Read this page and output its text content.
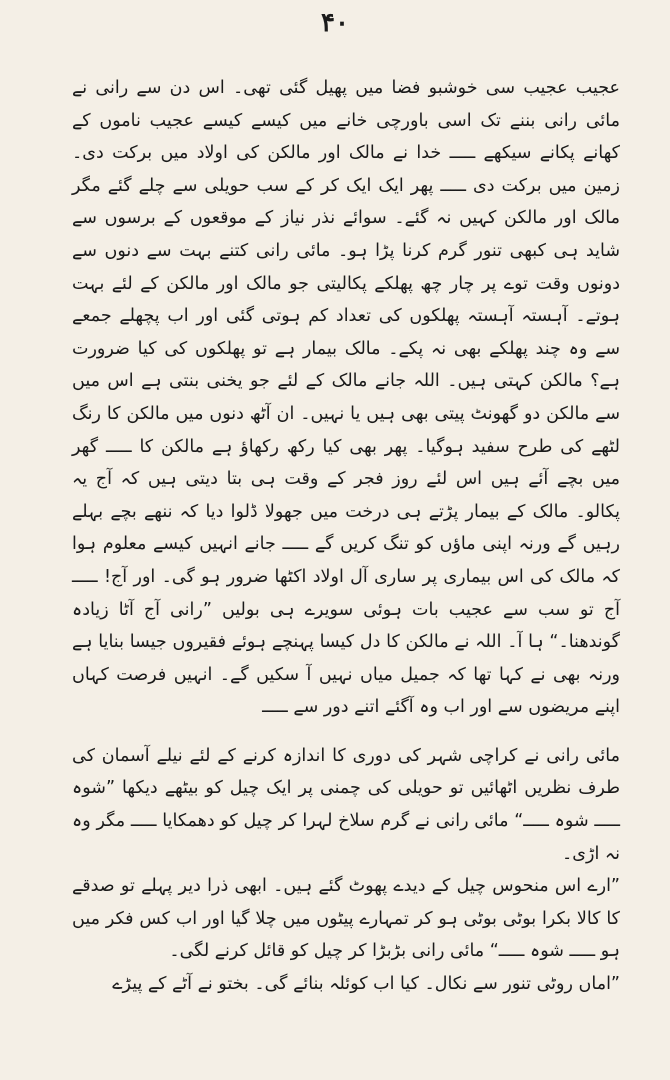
۴۰

عجیب عجیب سی خوشبو فضا میں پھیل گئی تھی۔ اس دن سے رانی نے مائی رانی بننے تک اسی باورچی خانے میں کیسے کیسے عجیب ناموں کے کھانے پکانے سیکھے ـــــ خدا نے مالک اور مالکن کی اولاد میں برکت دی۔ زمین میں برکت دی ـــــ پھر ایک ایک کر کے سب حویلی سے چلے گئے مگر مالک اور مالکن کہیں نہ گئے۔ سوائے نذر نیاز کے موقعوں کے برسوں سے شاید ہی کبھی تنور گرم کرنا پڑا ہو۔ مائی رانی کتنے بہت سے دنوں سے دونوں وقت توے پر چار چھ پھلکے پکالیتی جو مالک اور مالکن کے لئے بہت ہوتے۔ آہستہ آہستہ پھلکوں کی تعداد کم ہوتی گئی اور اب پچھلے جمعے سے وہ چند پھلکے بھی نہ پکے۔ مالک بیمار ہے تو پھلکوں کی کیا ضرورت ہے؟ مالکن کہتی ہیں۔ اللہ جانے مالک کے لئے جو یخنی بنتی ہے اس میں سے مالکن دو گھونٹ پیتی بھی ہیں یا نہیں۔ ان آٹھ دنوں میں مالکن کا رنگ لٹھے کی طرح سفید ہوگیا۔ پھر بھی کیا رکھ رکھاؤ ہے مالکن کا ـــــ گھر میں بچے آئے ہیں اس لئے روز فجر کے وقت ہی بتا دیتی ہیں کہ آج یہ پکالو۔ مالک کے بیمار پڑتے ہی درخت میں جھولا ڈلوا دیا کہ ننھے بچے بہلے رہیں گے ورنہ اپنی ماؤں کو تنگ کریں گے ـــــ جانے انہیں کیسے معلوم ہوا کہ مالک کی اس بیماری پر ساری آل اولاد اکٹھا ضرور ہو گی۔ اور آج! ـــــ آج تو سب سے عجیب بات ہوئی سویرے ہی بولیں ”رانی آج آٹا زیادہ گوندھنا۔“ ہا آ۔ اللہ نے مالکن کا دل کیسا پہنچے ہوئے فقیروں جیسا بنایا ہے ورنہ بھی نے کہا تھا کہ جمیل میاں نہیں آ سکیں گے۔ انہیں فرصت کہاں اپنے مریضوں سے اور اب وہ آگئے اتنے دور سے ـــــ

مائی رانی نے کراچی شہر کی دوری کا اندازہ کرنے کے لئے نیلے آسمان کی طرف نظریں اٹھائیں تو حویلی کی چمنی پر ایک چیل کو بیٹھے دیکھا ”شوہ ـــــ شوہ ـــــ“ مائی رانی نے گرم سلاخ لہرا کر چیل کو دھمکایا ـــــ مگر وہ نہ اڑی۔

”ارے اس منحوس چیل کے دیدے پھوٹ گئے ہیں۔ ابھی ذرا دیر پہلے تو صدقے کا کالا بکرا بوٹی بوٹی ہو کر تمہارے پیٹوں میں چلا گیا اور اب کس فکر میں ہو ـــــ شوہ ـــــ“ مائی رانی بڑبڑا کر چیل کو قائل کرنے لگی۔

”اماں روٹی تنور سے نکال۔ کیا اب کوئلہ بنائے گی۔ بختو نے آٹے کے پیڑے
